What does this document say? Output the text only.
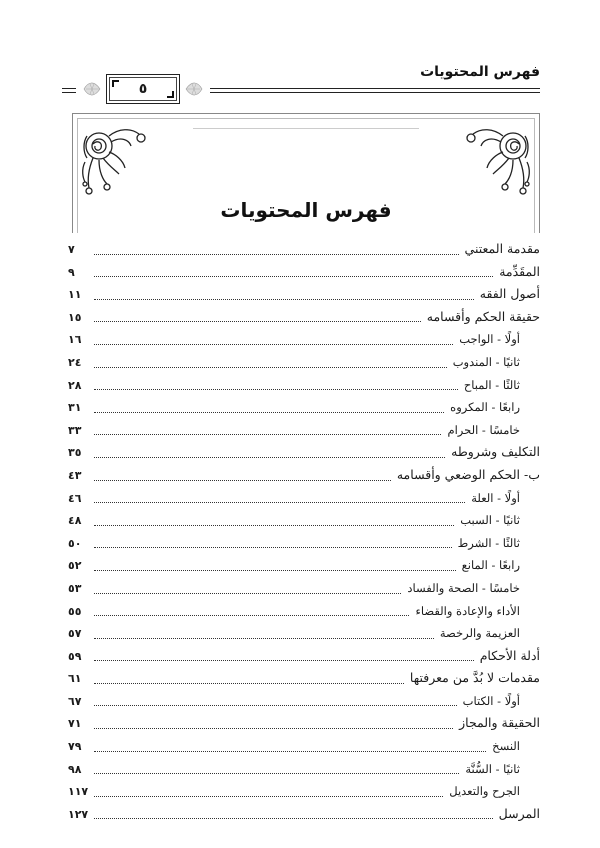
فهرس المحتويات
٥
فهرس المحتويات
مقدمة المعتني
٧
المقَدِّمة
٩
أصول الفقه
١١
حقيقة الحكم وأقسامه
١٥
أولًا - الواجب
١٦
ثانيًا - المندوب
٢٤
ثالثًا - المباح
٢٨
رابعًا - المكروه
٣١
خامسًا - الحرام
٣٣
التكليف وشروطه
٣٥
ب- الحكم الوضعي وأقسامه
٤٣
أولًا - العلة
٤٦
ثانيًا - السبب
٤٨
ثالثًا - الشرط
٥٠
رابعًا - المانع
٥٢
خامسًا - الصحة والفساد
٥٣
الأداء والإعادة والقضاء
٥٥
العزيمة والرخصة
٥٧
أدلة الأحكام
٥٩
مقدمات لا بُدَّ من معرفتها
٦١
أولًا - الكتاب
٦٧
الحقيقة والمجاز
٧١
النسخ
٧٩
ثانيًا - السُّنَّة
٩٨
الجرح والتعديل
١١٧
المرسل
١٢٧
